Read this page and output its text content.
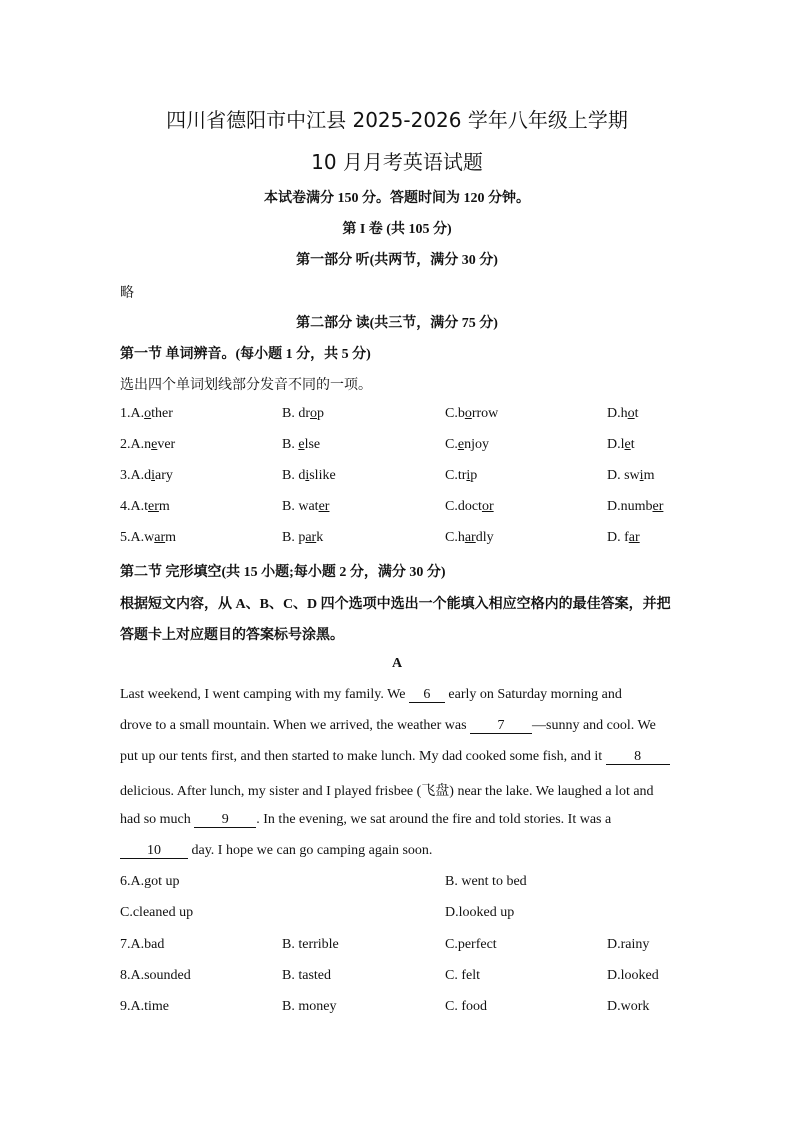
四川省德阳市中江县 2025-2026 学年八年级上学期
10 月月考英语试题
本试卷满分 150 分。答题时间为 120 分钟。
第 I 卷 (共 105 分)
第一部分 听(共两节，满分 30 分)
略
第二部分 读(共三节，满分 75 分)
第一节 单词辨音。(每小题 1 分，共 5 分)
选出四个单词划线部分发音不同的一项。
1.A.other	B. drop	C.borrow	D.hot
2.A.never	B. else	C.enjoy	D.let
3.A.diary	B. dislike	C.trip	D. swim
4.A.term	B. water	C.doctor	D.number
5.A.warm	B. park	C.hardly	D. far
第二节 完形填空(共 15 小题;每小题 2 分，满分 30 分)
根据短文内容，从 A、B、C、D 四个选项中选出一个能填入相应空格内的最佳答案，并把
答题卡上对应题目的答案标号涂黑。
A
Last weekend, I went camping with my family. We 6 early on Saturday morning and
drove to a small mountain. When we arrived, the weather was 7 —sunny and cool. We
put up our tents first, and then started to make lunch. My dad cooked some fish, and it 8
delicious. After lunch, my sister and I played frisbee (飞盘) near the lake. We laughed a lot and
had so much 9 . In the evening, we sat around the fire and told stories. It was a
10 day. I hope we can go camping again soon.
6.A.got up	B. went to bed
C.cleaned up	D.looked up
7.A.bad	B. terrible	C.perfect	D.rainy
8.A.sounded	B. tasted	C. felt	D.looked
9.A.time	B. money	C. food	D.work
